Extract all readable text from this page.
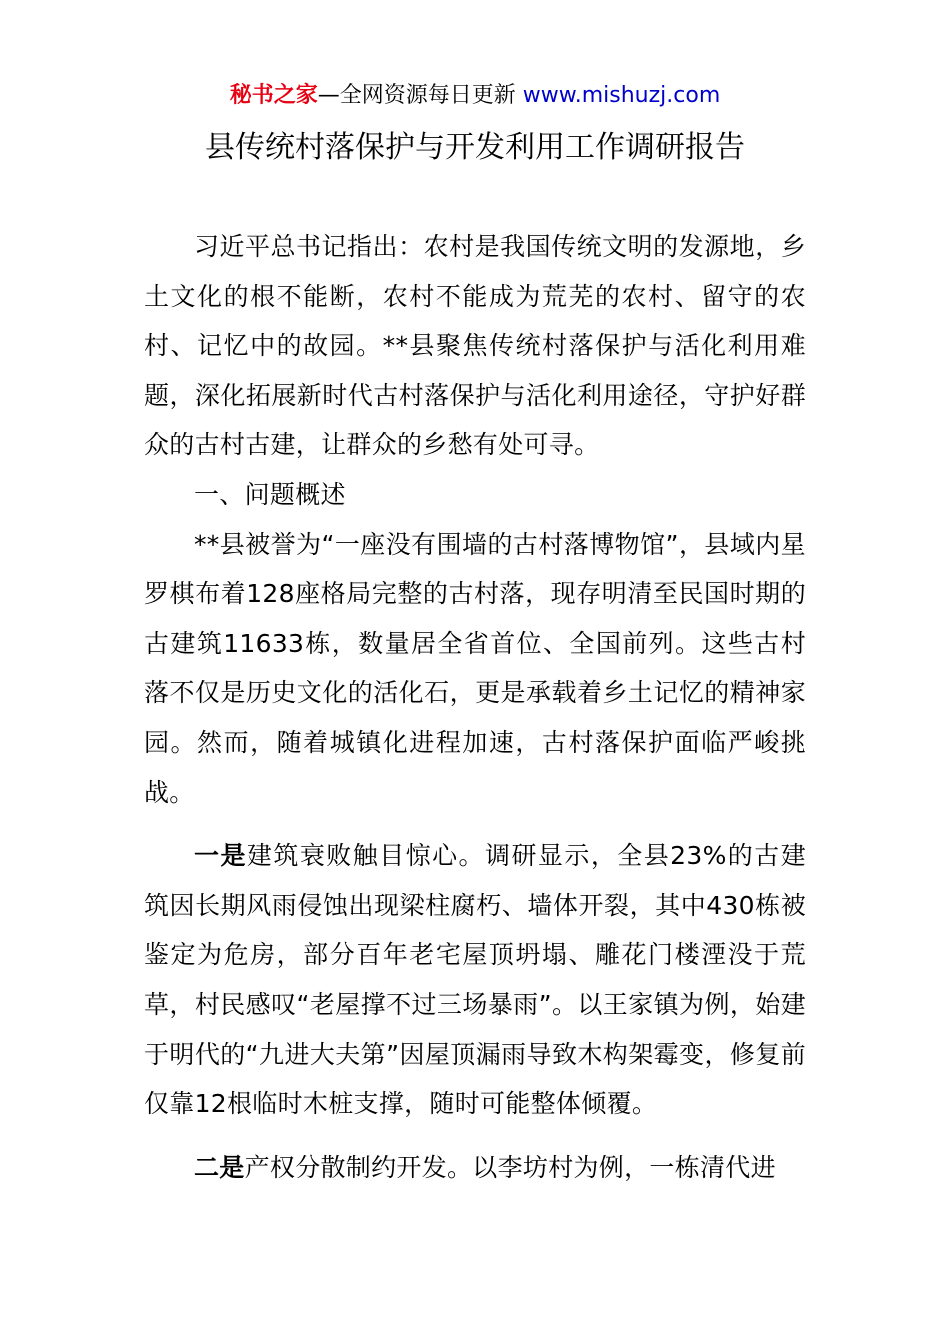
秘书之家—全网资源每日更新 www.mishuzj.com
县传统村落保护与开发利用工作调研报告

习近平总书记指出：农村是我国传统文明的发源地，乡土文化的根不能断，农村不能成为荒芜的农村、留守的农村、记忆中的故园。**县聚焦传统村落保护与活化利用难题，深化拓展新时代古村落保护与活化利用途径，守护好群众的古村古建，让群众的乡愁有处可寻。

一、问题概述

**县被誉为“一座没有围墙的古村落博物馆”，县域内星罗棋布着128座格局完整的古村落，现存明清至民国时期的古建筑11633栋，数量居全省首位、全国前列。这些古村落不仅是历史文化的活化石，更是承载着乡土记忆的精神家园。然而，随着城镇化进程加速，古村落保护面临严峻挑战。

一是建筑衰败触目惊心。调研显示，全县23%的古建筑因长期风雨侵蚀出现梁柱腐朽、墙体开裂，其中430栋被鉴定为危房，部分百年老宅屋顶坍塌、雕花门楼湮没于荒草，村民感叹“老屋撑不过三场暴雨”。以王家镇为例，始建于明代的“九进大夫第”因屋顶漏雨导致木构架霉变，修复前仅靠12根临时木桩支撑，随时可能整体倾覆。

二是产权分散制约开发。以李坊村为例，一栋清代进
